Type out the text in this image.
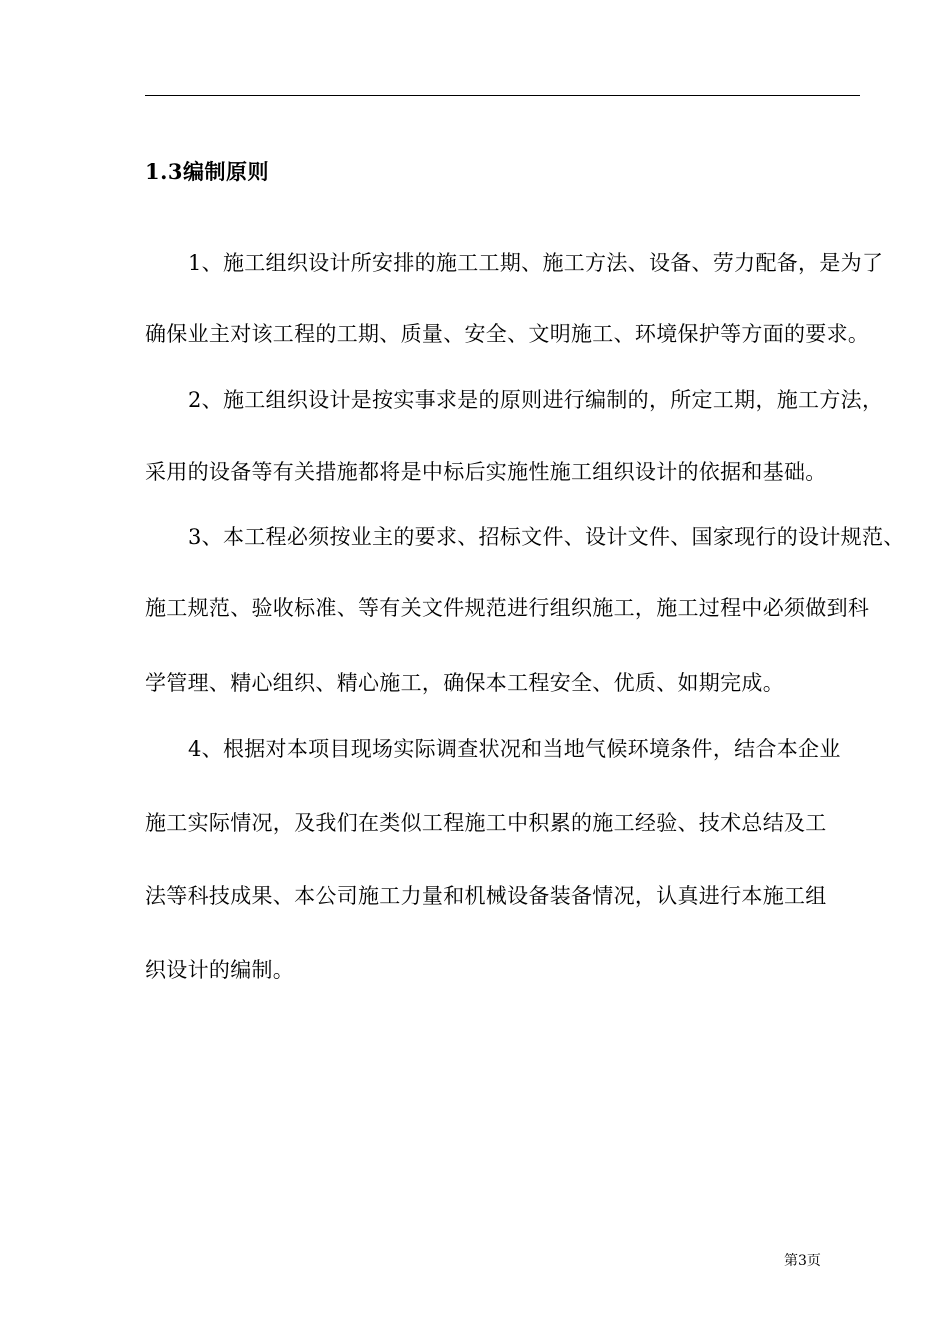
1.3编制原则
1、施工组织设计所安排的施工工期、施工方法、设备、劳力配备，是为了
确保业主对该工程的工期、质量、安全、文明施工、环境保护等方面的要求。
2、施工组织设计是按实事求是的原则进行编制的，所定工期，施工方法，
采用的设备等有关措施都将是中标后实施性施工组织设计的依据和基础。
3、本工程必须按业主的要求、招标文件、设计文件、国家现行的设计规范、
施工规范、验收标准、等有关文件规范进行组织施工，施工过程中必须做到科
学管理、精心组织、精心施工，确保本工程安全、优质、如期完成。
4、根据对本项目现场实际调查状况和当地气候环境条件，结合本企业
施工实际情况，及我们在类似工程施工中积累的施工经验、技术总结及工
法等科技成果、本公司施工力量和机械设备装备情况，认真进行本施工组
织设计的编制。
第3页
